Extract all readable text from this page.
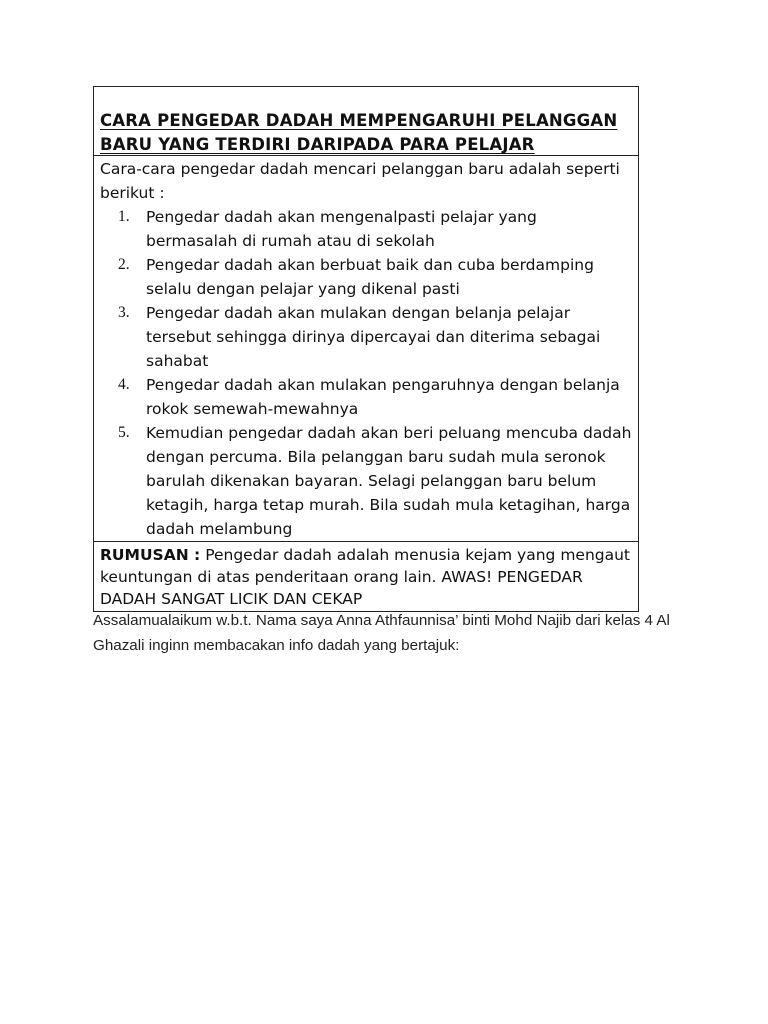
CARA PENGEDAR DADAH MEMPENGARUHI PELANGGAN
BARU YANG TERDIRI DARIPADA PARA PELAJAR

Cara-cara pengedar dadah mencari pelanggan baru adalah seperti berikut :
1.	Pengedar dadah akan mengenalpasti pelajar yang bermasalah di rumah atau di sekolah
2.	Pengedar dadah akan berbuat baik dan cuba berdamping selalu dengan pelajar yang dikenal pasti
3.	Pengedar dadah akan mulakan dengan belanja pelajar tersebut sehingga dirinya dipercayai dan diterima sebagai sahabat
4.	Pengedar dadah akan mulakan pengaruhnya dengan belanja rokok semewah-mewahnya
5.	Kemudian pengedar dadah akan beri peluang mencuba dadah dengan percuma. Bila pelanggan baru sudah mula seronok barulah dikenakan bayaran. Selagi pelanggan baru belum ketagih, harga tetap murah. Bila sudah mula ketagihan, harga dadah melambung

RUMUSAN : Pengedar dadah adalah menusia kejam yang mengaut keuntungan di atas penderitaan orang lain. AWAS! PENGEDAR DADAH SANGAT LICIK DAN CEKAP
Assalamualaikum w.b.t. Nama saya Anna Athfaunnisa’ binti Mohd Najib dari kelas 4 Al Ghazali inginn membacakan info dadah yang bertajuk:
